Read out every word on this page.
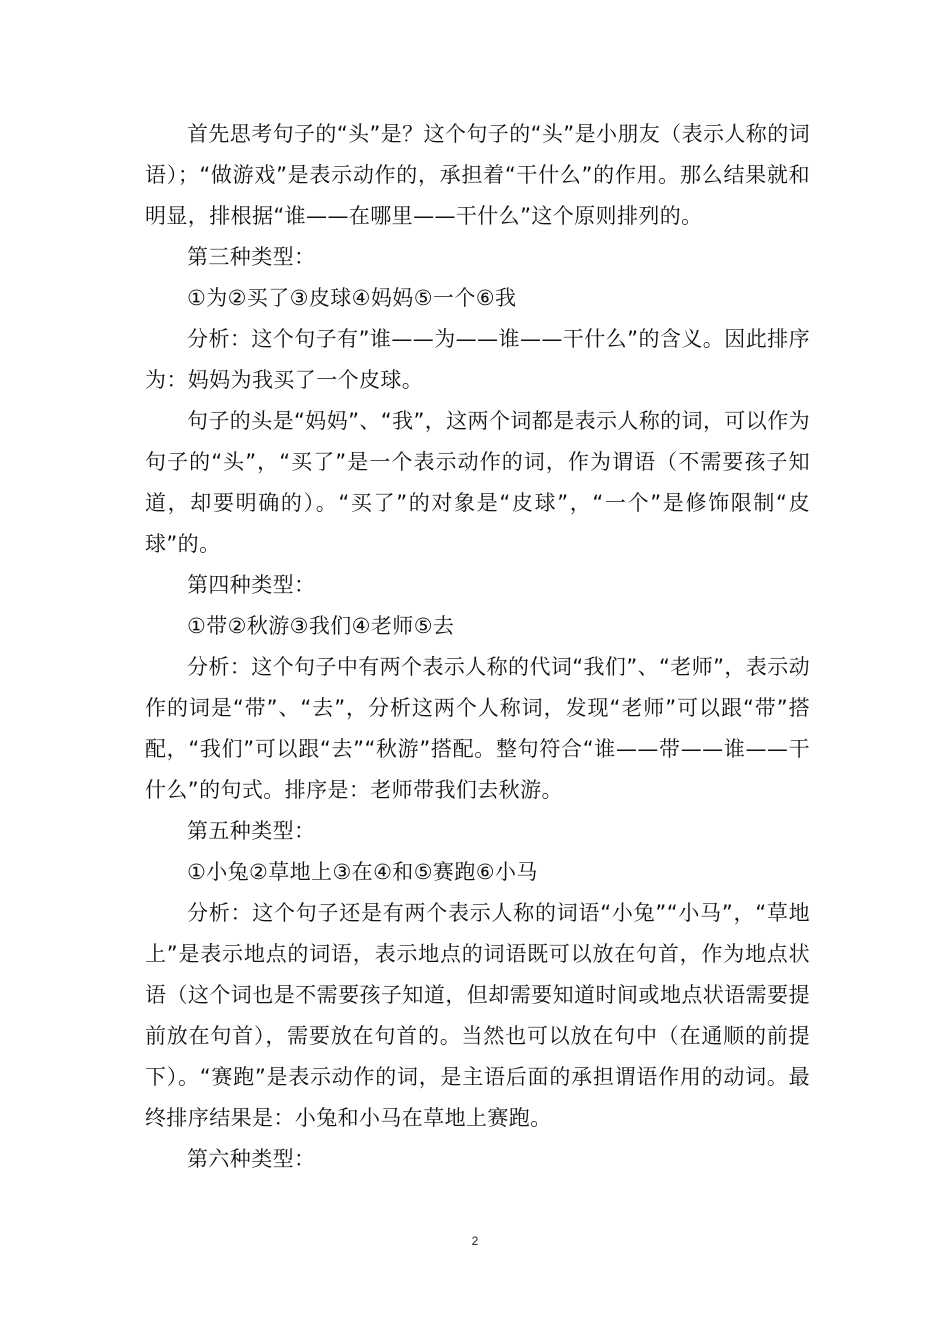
首先思考句子的“头”是？这个句子的“头”是小朋友（表示人称的词语）；“做游戏”是表示动作的，承担着“干什么”的作用。那么结果就和明显，排根据“谁——在哪里——干什么”这个原则排列的。

第三种类型：

①为②买了③皮球④妈妈⑤一个⑥我

分析：这个句子有”谁——为——谁——干什么”的含义。因此排序为：妈妈为我买了一个皮球。

句子的头是“妈妈”、“我”，这两个词都是表示人称的词，可以作为句子的“头”，“买了”是一个表示动作的词，作为谓语（不需要孩子知道，却要明确的）。“买了”的对象是“皮球”，“一个”是修饰限制“皮球”的。

第四种类型：

①带②秋游③我们④老师⑤去

分析：这个句子中有两个表示人称的代词“我们”、“老师”，表示动作的词是“带”、“去”，分析这两个人称词，发现“老师”可以跟“带”搭配，“我们”可以跟“去”“秋游”搭配。整句符合“谁——带——谁——干什么”的句式。排序是：老师带我们去秋游。

第五种类型：

①小兔②草地上③在④和⑤赛跑⑥小马

分析：这个句子还是有两个表示人称的词语“小兔”“小马”，“草地上”是表示地点的词语，表示地点的词语既可以放在句首，作为地点状语（这个词也是不需要孩子知道，但却需要知道时间或地点状语需要提前放在句首），需要放在句首的。当然也可以放在句中（在通顺的前提下）。“赛跑”是表示动作的词，是主语后面的承担谓语作用的动词。最终排序结果是：小兔和小马在草地上赛跑。

第六种类型：

2
